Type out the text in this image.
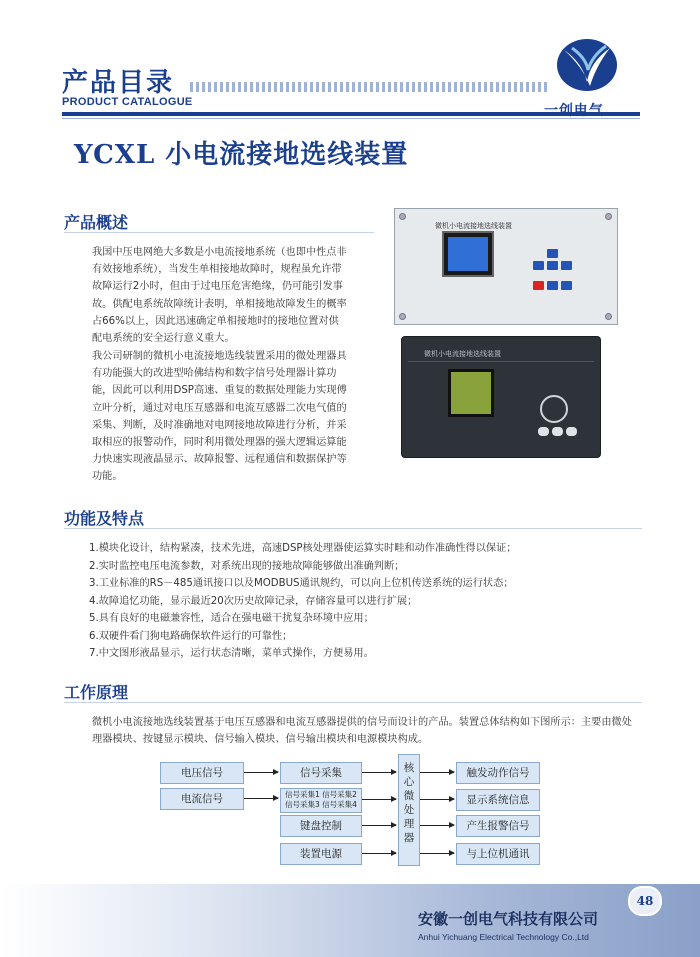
产品目录
PRODUCT CATALOGUE
一创电气
YCXL 小电流接地选线装置
产品概述
我国中压电网绝大多数是小电流接地系统（也即中性点非有效接地系统），当发生单相接地故障时，规程虽允许带故障运行2小时，但由于过电压危害绝缘，仍可能引发事故。供配电系统故障统计表明，单相接地故障发生的概率占66%以上，因此迅速确定单相接地时的接地位置对供配电系统的安全运行意义重大。
我公司研制的微机小电流接地选线装置采用的微处理器具有功能强大的改进型哈佛结构和数字信号处理器计算功能，因此可以利用DSP高速、重复的数据处理能力实现傅立叶分析，通过对电压互感器和电流互感器二次电气值的采集、判断，及时准确地对电网接地故障进行分析，并采取相应的报警动作，同时利用微处理器的强大逻辑运算能力快速实现液晶显示、故障报警、远程通信和数据保护等功能。
微机小电流接地选线装置
微机小电流接地选线装置
功能及特点
1.模块化设计，结构紧凑，技术先进，高速DSP核处理器使运算实时畦和动作准确性得以保证；
2.实时监控电压电流参数，对系统出现的接地故障能够做出准确判断；
3.工业标准的RS－485通讯接口以及MODBUS通讯规约，可以向上位机传送系统的运行状态；
4.故障追忆功能，显示最近20次历史故障记录，存储容量可以进行扩展；
5.具有良好的电磁兼容性，适合在强电磁干扰复杂环境中应用；
6.双硬件看门狗电路确保软件运行的可靠性；
7.中文图形液晶显示，运行状态清晰，菜单式操作，方便易用。
工作原理
微机小电流接地选线装置基于电压互感器和电流互感器提供的信号而设计的产品。装置总体结构如下图所示：主要由微处理器模块、按键显示模块、信号输入模块、信号输出模块和电源模块构成。
电压信号
电流信号
信号采集
信号采集1 信号采集2
信号采集3 信号采集4
键盘控制
装置电源
核心微处理器
触发动作信号
显示系统信息
产生报警信号
与上位机通讯
48
安徽一创电气科技有限公司
Anhui Yichuang Electrical Technology Co.,Ltd
